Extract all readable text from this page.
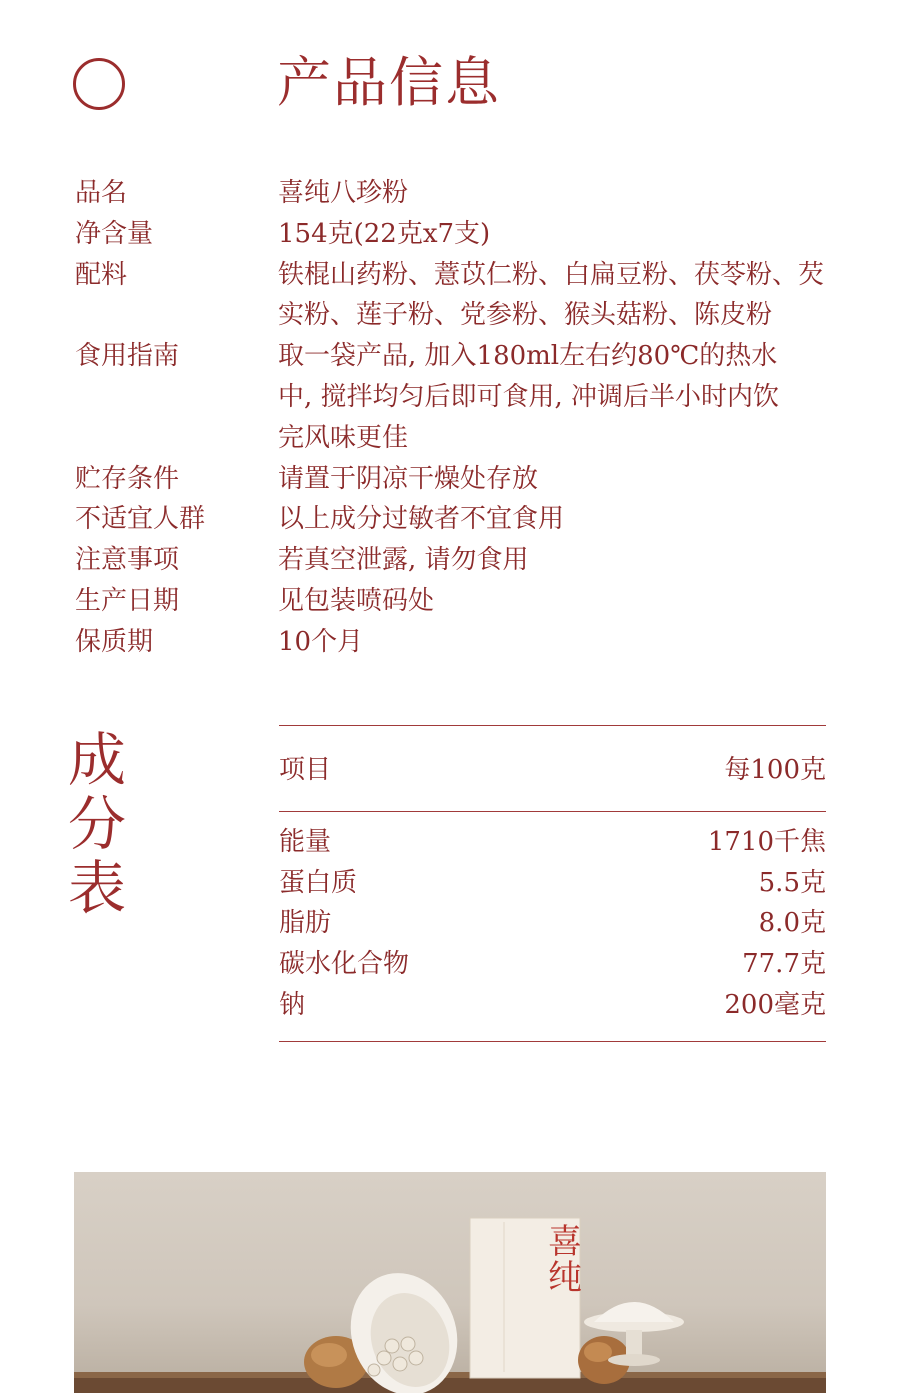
产品信息
品名	喜纯八珍粉
净含量	154克(22克x7支)
配料	铁棍山药粉、薏苡仁粉、白扁豆粉、茯苓粉、芡
实粉、莲子粉、党参粉、猴头菇粉、陈皮粉
食用指南	取一袋产品, 加入180ml左右约80℃的热水
中, 搅拌均匀后即可食用, 冲调后半小时内饮
完风味更佳
贮存条件	请置于阴凉干燥处存放
不适宜人群	以上成分过敏者不宜食用
注意事项	若真空泄露, 请勿食用
生产日期	见包装喷码处
保质期	10个月
成
分
表
项目	每100克
能量	1710千焦
蛋白质	5.5克
脂肪	8.0克
碳水化合物	77.7克
钠	200毫克
喜
纯
